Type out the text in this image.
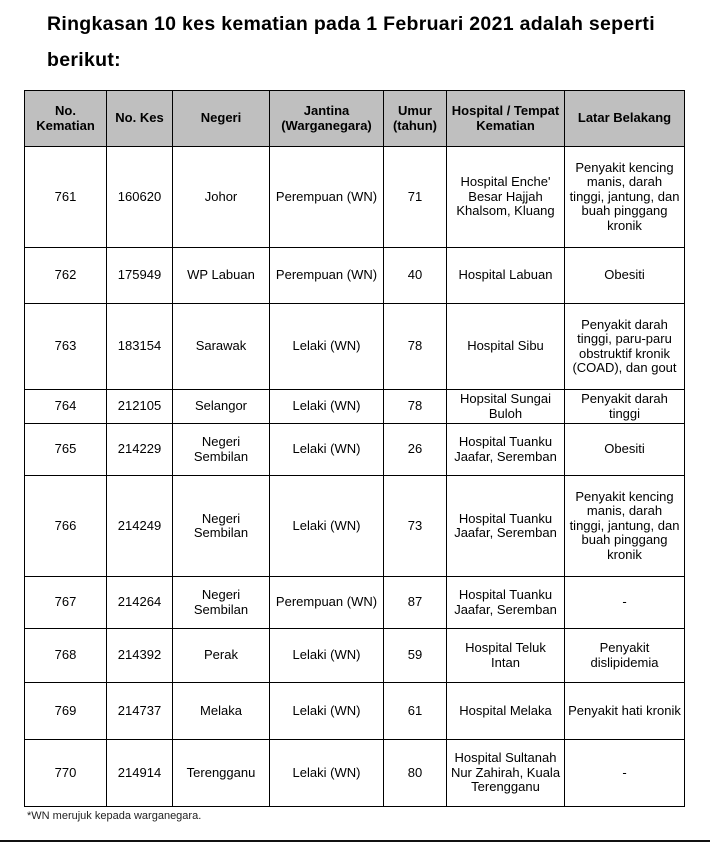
Ringkasan 10 kes kematian pada 1 Februari 2021 adalah seperti berikut:
No. Kematian	No. Kes	Negeri	Jantina (Warganegara)	Umur (tahun)	Hospital / Tempat Kematian	Latar Belakang
761	160620	Johor	Perempuan (WN)	71	Hospital Enche' Besar Hajjah Khalsom, Kluang	Penyakit kencing manis, darah tinggi, jantung, dan buah pinggang kronik
762	175949	WP Labuan	Perempuan (WN)	40	Hospital Labuan	Obesiti
763	183154	Sarawak	Lelaki (WN)	78	Hospital Sibu	Penyakit darah tinggi, paru-paru obstruktif kronik (COAD), dan gout
764	212105	Selangor	Lelaki (WN)	78	Hopsital Sungai Buloh	Penyakit darah tinggi
765	214229	Negeri Sembilan	Lelaki (WN)	26	Hospital Tuanku Jaafar, Seremban	Obesiti
766	214249	Negeri Sembilan	Lelaki (WN)	73	Hospital Tuanku Jaafar, Seremban	Penyakit kencing manis, darah tinggi, jantung, dan buah pinggang kronik
767	214264	Negeri Sembilan	Perempuan (WN)	87	Hospital Tuanku Jaafar, Seremban	-
768	214392	Perak	Lelaki (WN)	59	Hospital Teluk Intan	Penyakit dislipidemia
769	214737	Melaka	Lelaki (WN)	61	Hospital Melaka	Penyakit hati kronik
770	214914	Terengganu	Lelaki (WN)	80	Hospital Sultanah Nur Zahirah, Kuala Terengganu	-
*WN merujuk kepada warganegara.
